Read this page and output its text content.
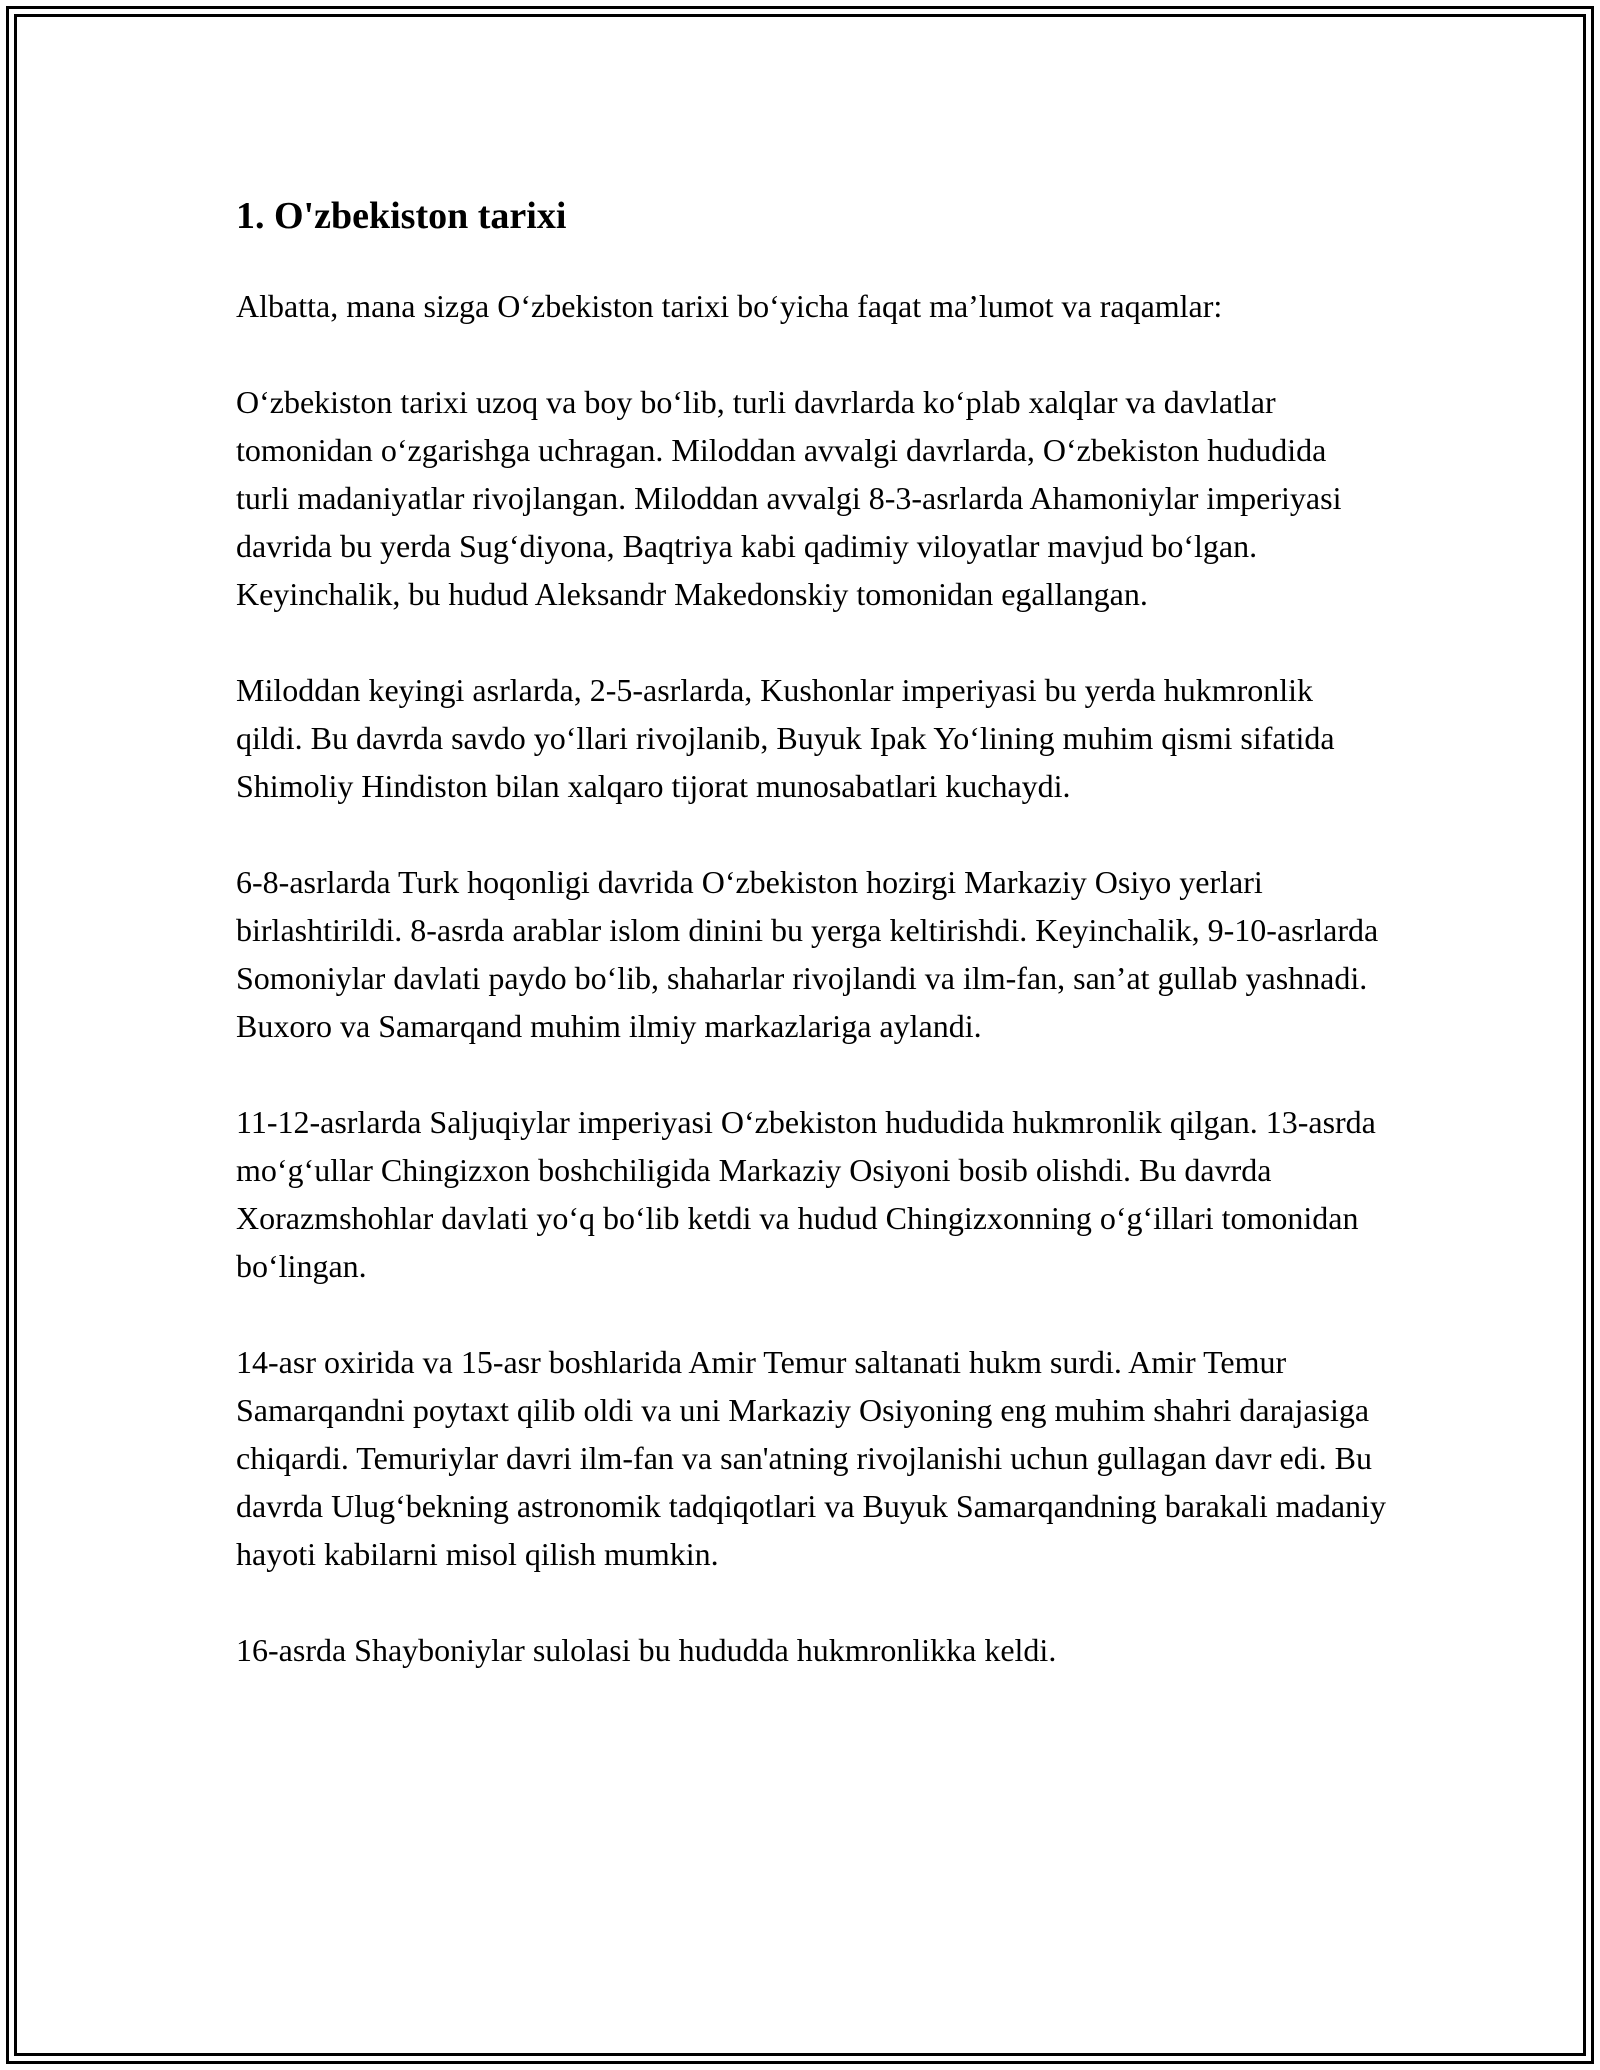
1. O'zbekiston tarixi

Albatta, mana sizga O‘zbekiston tarixi bo‘yicha faqat ma’lumot va raqamlar:

O‘zbekiston tarixi uzoq va boy bo‘lib, turli davrlarda ko‘plab xalqlar va davlatlar tomonidan o‘zgarishga uchragan. Miloddan avvalgi davrlarda, O‘zbekiston hududida turli madaniyatlar rivojlangan. Miloddan avvalgi 8-3-asrlarda Ahamoniylar imperiyasi davrida bu yerda Sug‘diyona, Baqtriya kabi qadimiy viloyatlar mavjud bo‘lgan. Keyinchalik, bu hudud Aleksandr Makedonskiy tomonidan egallangan.

Miloddan keyingi asrlarda, 2-5-asrlarda, Kushonlar imperiyasi bu yerda hukmronlik qildi. Bu davrda savdo yo‘llari rivojlanib, Buyuk Ipak Yo‘lining muhim qismi sifatida Shimoliy Hindiston bilan xalqaro tijorat munosabatlari kuchaydi.

6-8-asrlarda Turk hoqonligi davrida O‘zbekiston hozirgi Markaziy Osiyo yerlari birlashtirildi. 8-asrda arablar islom dinini bu yerga keltirishdi. Keyinchalik, 9-10-asrlarda Somoniylar davlati paydo bo‘lib, shaharlar rivojlandi va ilm-fan, san’at gullab yashnadi. Buxoro va Samarqand muhim ilmiy markazlariga aylandi.

11-12-asrlarda Saljuqiylar imperiyasi O‘zbekiston hududida hukmronlik qilgan. 13-asrda mo‘g‘ullar Chingizxon boshchiligida Markaziy Osiyoni bosib olishdi. Bu davrda Xorazmshohlar davlati yo‘q bo‘lib ketdi va hudud Chingizxonning o‘g‘illari tomonidan bo‘lingan.

14-asr oxirida va 15-asr boshlarida Amir Temur saltanati hukm surdi. Amir Temur Samarqandni poytaxt qilib oldi va uni Markaziy Osiyoning eng muhim shahri darajasiga chiqardi. Temuriylar davri ilm-fan va san'atning rivojlanishi uchun gullagan davr edi. Bu davrda Ulug‘bekning astronomik tadqiqotlari va Buyuk Samarqandning barakali madaniy hayoti kabilarni misol qilish mumkin.

16-asrda Shayboniylar sulolasi bu hududda hukmronlikka keldi.
